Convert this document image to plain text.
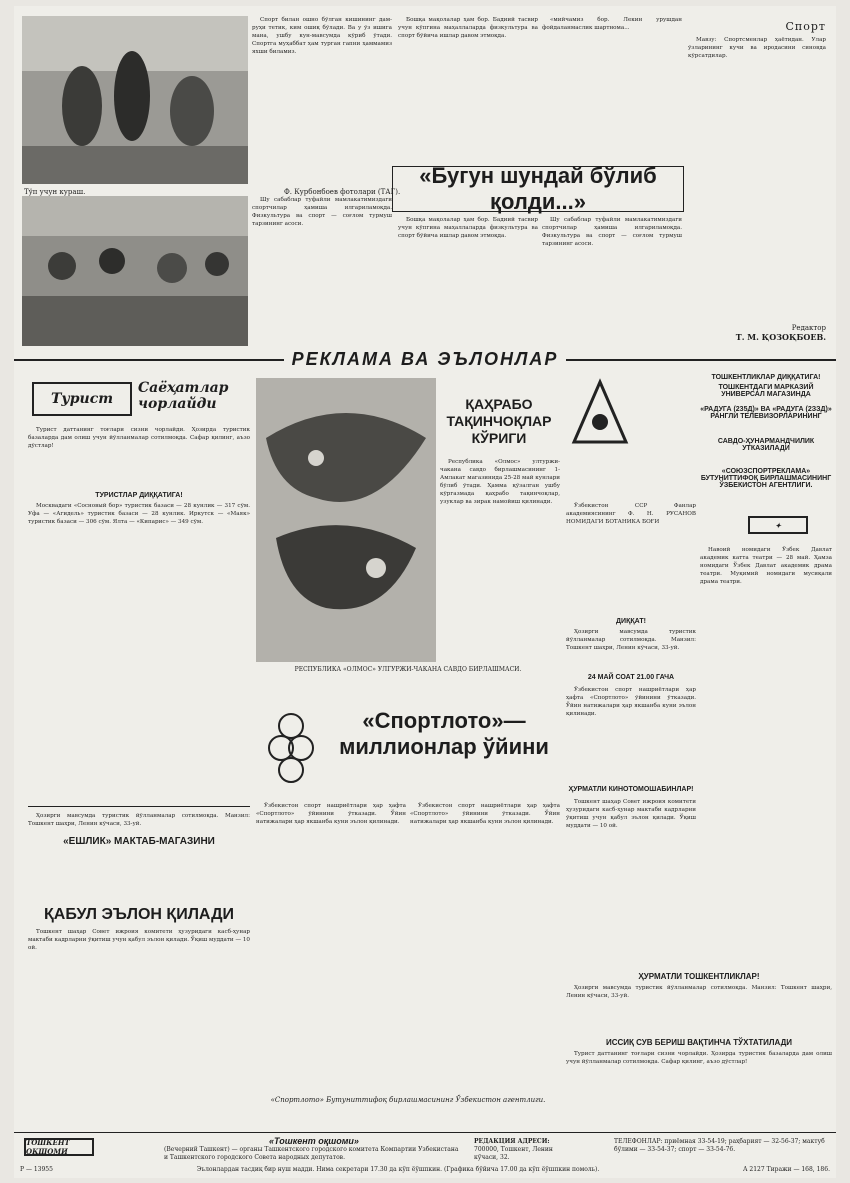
Спорт
Тўп учун кураш.	Ф. Курбонбоев фотолари (ТАГ).

Спорт билан ошно бўлган кишининг дам-руҳи тетик, ким ошиқ бўлади. Ва у ўз ишига мана, ушбу кун-мавсумда кўриб ўтади. Спортга муҳаббат ҳам турган гапни ҳаммамиз яхши биламиз.

Бошқа мақолалар ҳам бор. Бадиий тасвир учун кўпгина маҳаллаларда физкультура ва спорт бўйича ишлар давом этмоқда.

«мийчамиз бор. Лекин урушдан фойдаланмаслик шартнома...

Мавзу: Спортсменлар ҳаётидан. Улар ўзларининг кучи ва иродасини синовда кўрсатдилар.

«Бугун шундай бўлиб қолди...»

Шу сабаблар туфайли мамлакатимиздаги спортчилар ҳамиша илгариламоқда. Физкультура ва спорт — соғлом турмуш тарзининг асоси.

Бошқа мақолалар ҳам бор. Бадиий тасвир учун кўпгина маҳаллаларда физкультура ва спорт бўйича ишлар давом этмоқда.

Шу сабаблар туфайли мамлакатимиздаги спортчилар ҳамиша илгариламоқда. Физкультура ва спорт — соғлом турмуш тарзининг асоси.

Редактор
Т. М. ҚОЗОҚБОЕВ.
РЕКЛАМА ВА ЭЪЛОНЛАР
Турист
Саёҳатлар чорлайди

Турист даттанинг тоғлари сизни чорлайди. Ҳозирда туристик базаларда дам олиш учун йўлланмалар сотилмоқда. Сафар қилинг, аъзо дўстлар!

ТУРИСТЛАР ДИҚҚАТИГА!

Москвадаги «Сосновый бор» туристик базаси — 28 кунлик — 317 сўм. Уфа — «Агидель» туристик базаси — 28 кунлик. Иркутск — «Маяк» туристик базаси — 306 сўм. Ялта — «Кипарис» — 349 сўм.

Ҳозирги мавсумда туристик йўлланмалар сотилмоқда. Манзил: Тошкент шаҳри, Ленин кўчаси, 33-уй.

«ЕШЛИК» МАКТАБ-МАГАЗИНИ
ҚАБУЛ ЭЪЛОН ҚИЛАДИ

Тошкент шаҳар Совет ижроия комитети ҳузуридаги касб-ҳунар мактаби кадрларни ўқитиш учун қабул эълон қилади. Ўқиш муддати — 10 ой.

ҚАҲРАБО ТАҚИНЧОҚЛАР КЎРИГИ

Республика «Олмос» ултуржи-чакана савдо бирлашмасининг 1-Амлакат магазинида 25-28 май кунлари бўлиб ўтади. Ҳамма қўзалган ушбу кўргазмада қаҳрабо тақинчоқлар, узуклар ва зирак намойиш қилинади.

РЕСПУБЛИКА «ОЛМОС» УЛГУРЖИ-ЧАКАНА САВДО БИРЛАШМАСИ.
«Спортлото»— миллионлар ўйини

Ўзбекистон спорт нашриётлари ҳар ҳафта «Спортлото» ўйинини ўтказади. Ўйин натижалари ҳар якшанба куни эълон қилинади.

Ўзбекистон спорт нашриётлари ҳар ҳафта «Спортлото» ўйинини ўтказади. Ўйин натижалари ҳар якшанба куни эълон қилинади.

«Спортлото» Бутуниттифоқ бирлашмасининг Ўзбекистон агентлиги.

Ўзбекистон ССР Фанлар академиясининг Ф. Н. РУСАНОВ НОМИДАГИ БОТАНИКА БОҒИ

ДИҚҚАТ!

Ҳозирги мавсумда туристик йўлланмалар сотилмоқда. Манзил: Тошкент шаҳри, Ленин кўчаси, 33-уй.

24 МАЙ СОАТ 21.00 ГАЧА

Ўзбекистон спорт нашриётлари ҳар ҳафта «Спортлото» ўйинини ўтказади. Ўйин натижалари ҳар якшанба куни эълон қилинади.

ҲУРМАТЛИ КИНОТОМОШАБИНЛАР!

Тошкент шаҳар Совет ижроия комитети ҳузуридаги касб-ҳунар мактаби кадрларни ўқитиш учун қабул эълон қилади. Ўқиш муддати — 10 ой.

ҲУРМАТЛИ ТОШКЕНТЛИКЛАР!

Ҳозирги мавсумда туристик йўлланмалар сотилмоқда. Манзил: Тошкент шаҳри, Ленин кўчаси, 33-уй.

ИССИҚ СУВ БЕРИШ ВАҚТИНЧА ТЎХТАТИЛАДИ

Турист даттанинг тоғлари сизни чорлайди. Ҳозирда туристик базаларда дам олиш учун йўлланмалар сотилмоқда. Сафар қилинг, аъзо дўстлар!

ТОШКЕНТЛИКЛАР ДИҚҚАТИГА!
ТОШКЕНТДАГИ МАРКАЗИЙ УНИВЕРСАЛ МАГАЗИНДА
«РАДУГА (235Д)» ВА «РАДУГА (2ЗЗД)» РАНГЛИ ТЕЛЕВИЗОРЛАРИНИНГ
САВДО-ҲУНАРМАНДЧИЛИК УТКАЗИЛАДИ
«СОЮЗСПОРТРЕКЛАМА» БУТУНИТТИФОҚ БИРЛАШМАСИНИНГ ЎЗБЕКИСТОН АГЕНТЛИГИ.
✦

Навоий номидаги Ўзбек Давлат академик катта театри — 28 май. Ҳамза номидаги Ўзбек Давлат академик драма театри. Муқимий номидаги мусиқали драма театри.

ТОШКЕНТ ОҚШОМИ
«Тошкент оқшоми»
(Вечерний Ташкент) — органы Ташкентского городского комитета Компартии Узбекистана и Ташкентского городского Совета народных депутатов.
РЕДАКЦИЯ АДРЕСИ:
700000, Тошкент, Ленин кўчаси, 32.
ТЕЛЕФОНЛАР: приёмная 33-54-19; раҳбарият — 32-56-37; мактуб бўлими — 33-54-37; спорт — 33-54-76.
Р — 13955	Эълонлардан тасдиқ бир нуш мадди. Нима секретари 17.30 да кўп ёўшпкин. (Графика бўйича 17.00 да кўп ёўшпкин помоль).	А 2127 Тиражи — 168, 186.
